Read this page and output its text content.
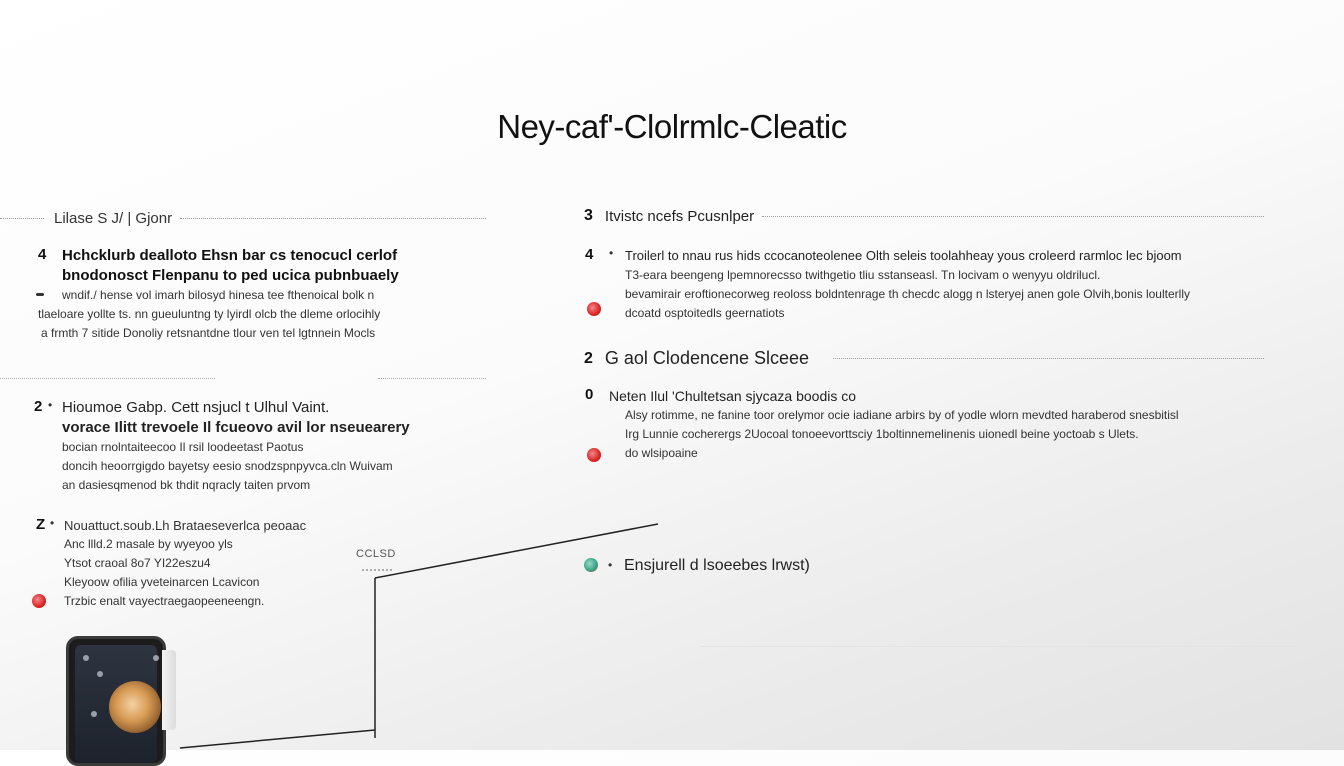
Ney-caf'-Clolrmlc-Cleatic
Lilase S J/ | Gjonr
4 Hchcklurb dealloto Ehsn bar cs tenocucl cerlof
bnodonosct Flenpanu to ped ucica pubnbuaely
wndif./ hense vol imarh bilosyd hinesa tee fthenoical bolk n
tlaeloare yollte ts. nn gueuluntng ty lyirdl olcb the dleme orlocihly
a frmth 7 sitide Donoliy retsnantdne tlour ven tel lgtnnein Mocls
2 • Hioumoe Gabp. Cett nsjucl t Ulhul Vaint.
vorace Ilitt trevoele Il fcueovo avil lor nseuearery
bocian rnolntaiteecoo Il rsil loodeetast Paotus
doncih heoorrgigdo bayetsy eesio snodzspnpyvca.cln Wuivam
an dasiesqmenod bk thdit nqracly taiten prvom
Z • Nouattuct.soub.Lh Brataeseverlca peoaac
Anc llld.2 masale by wyeyoo yls
Ytsot craoal 8o7 YI22eszu4
Kleyoow ofilia yveteinarcen Lcavicon
Trzbic enalt vayectraegaopeeneengn.
3 Itvistc ncefs Pcusnlper
4 • Troilerl to nnau rus hids ccocanoteolenee Olth seleis toolahheay yous croleerd rarmloc lec bjoom
T3-eara beengeng lpemnorecsso twithgetio tliu sstanseasl. Tn locivam o wenyyu oldrilucl.
bevamirair eroftionecorweg reoloss boldntenrage th checdc alogg n lsteryej anen gole Olvih,bonis loulterlly
dcoatd osptoitedls geernatiots
2 G aol Clodencene Slceee
0 Neten Ilul 'Chultetsan sjycaza boodis co
Alsy rotimme, ne fanine toor orelymor ocie iadiane arbirs by of yodle wlorn mevdted haraberod snesbitisl
Irg Lunnie cocherergs 2Uocoal tonoeevorttsciy 1boltinnemelinenis uionedl beine yoctoab s Ulets.
do wlsipoaine
• Ensjurell d lsoeebes lrwst)
CCLSD
